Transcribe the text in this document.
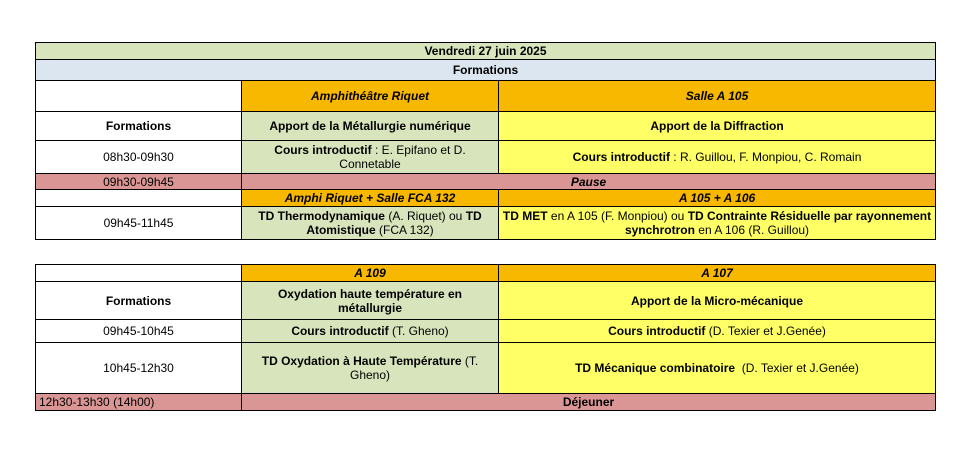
Vendredi 27 juin 2025		
Formations		
	Amphithéâtre Riquet	Salle A 105
Formations	Apport de la Métallurgie numérique	Apport de la Diffraction
08h30-09h30	Cours introductif : E. Epifano et D. Connetable	Cours introductif : R. Guillou, F. Monpiou, C. Romain
09h30-09h45	Pause	
	Amphi Riquet + Salle FCA 132	A 105 + A 106
09h45-11h45	TD Thermodynamique (A. Riquet) ou TD Atomistique (FCA 132)	TD MET en A 105 (F. Monpiou) ou TD Contrainte Résiduelle par rayonnement synchrotron en A 106 (R. Guillou)
	A 109	A 107
Formations	Oxydation haute température en métallurgie	Apport de la Micro-mécanique
09h45-10h45	Cours introductif (T. Gheno)	Cours introductif (D. Texier et J.Genée)
10h45-12h30	TD Oxydation à Haute Température (T. Gheno)	TD Mécanique combinatoire  (D. Texier et J.Genée)
12h30-13h30 (14h00)	Déjeuner	
